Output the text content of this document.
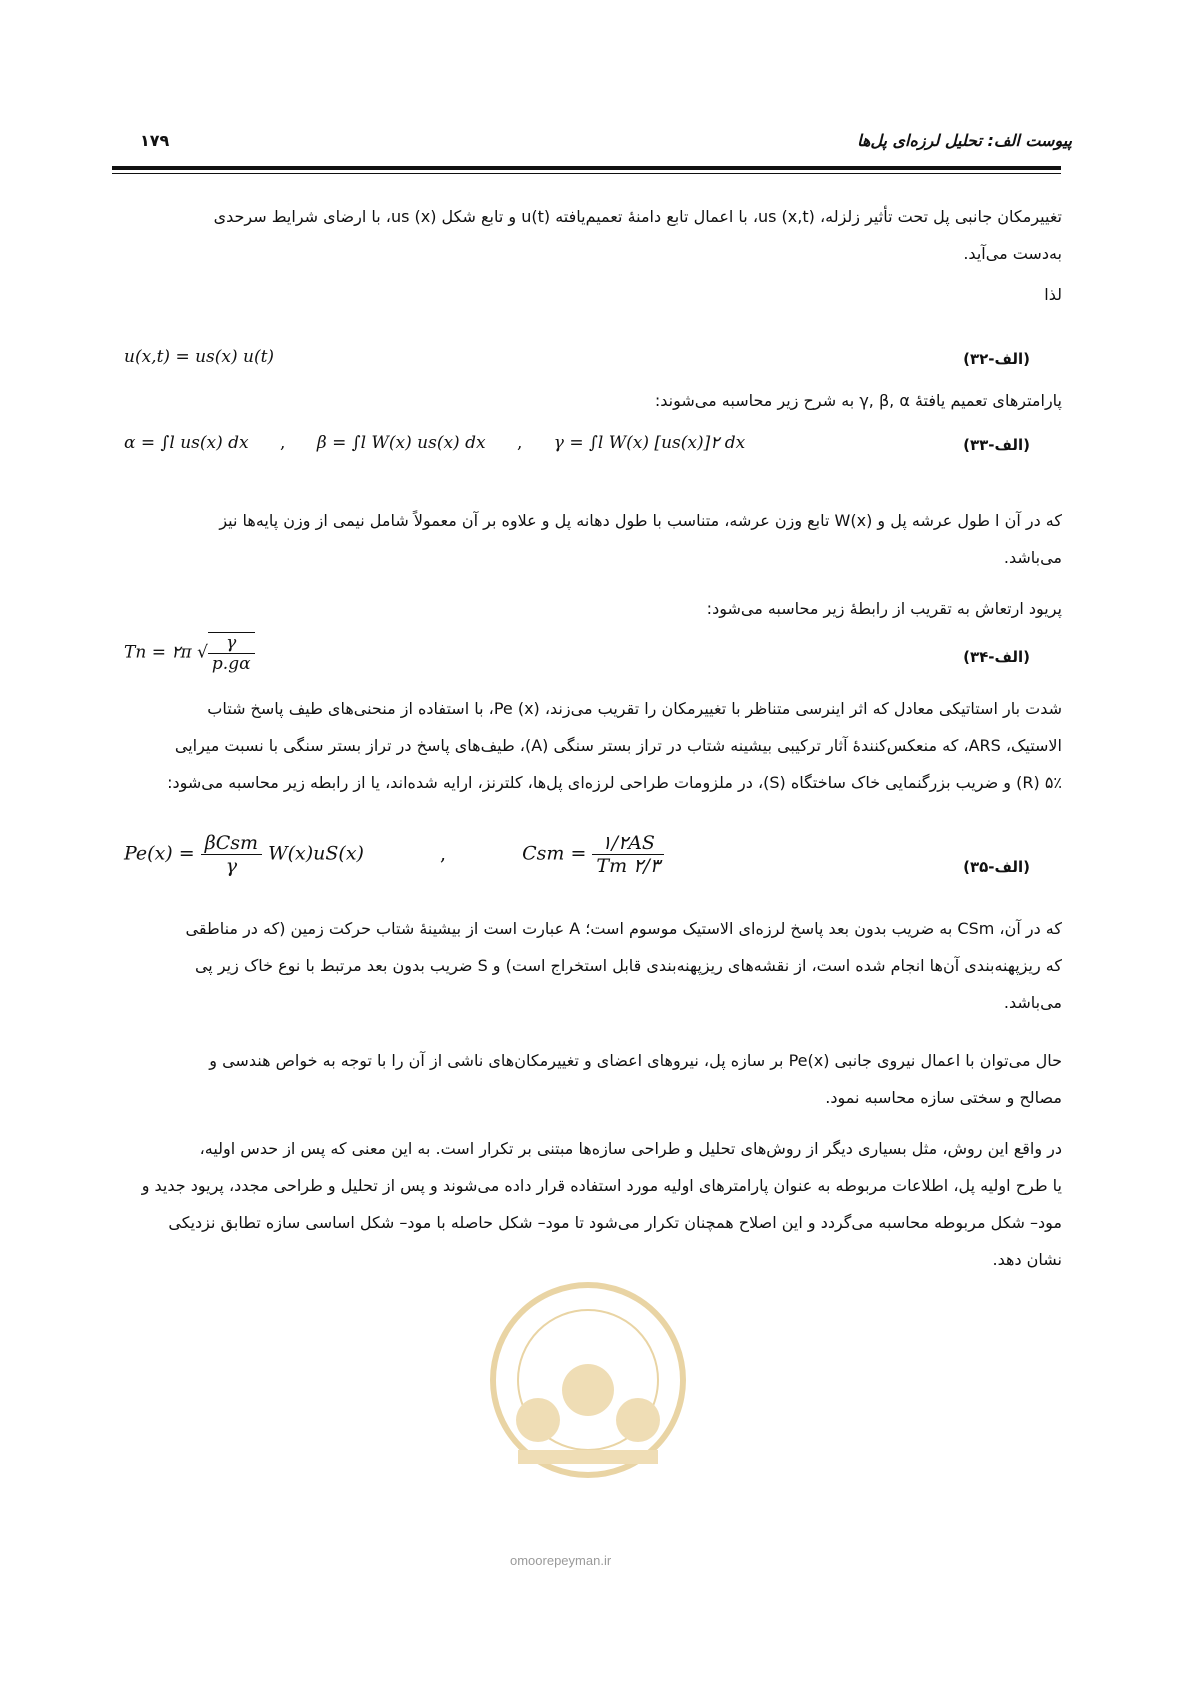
پیوست الف: تحلیل لرزه‌ای پل‌ها
۱۷۹
تغییرمکان جانبی پل تحت تأثیر زلزله، us (x,t)، با اعمال تابع دامنهٔ تعمیم‌یافته u(t) و تابع شکل us (x)، با ارضای شرایط سرحدی
به‌دست می‌آید.
لذا
(الف-۳۲)
u(x,t) = us(x) u(t)
پارامترهای تعمیم یافتهٔ γ, β, α به شرح زیر محاسبه می‌شوند:
(الف-۳۳)
α = ∫l us(x) dx , β = ∫l W(x) us(x) dx , γ = ∫l W(x) [us(x)]۲ dx
که در آن l طول عرشه پل و W(x) تابع وزن عرشه، متناسب با طول دهانه پل و علاوه بر آن معمولاً شامل نیمی از وزن پایه‌ها نیز
می‌باشد.
پریود ارتعاش به تقریب از رابطهٔ زیر محاسبه می‌شود:
(الف-۳۴)
Tn = ۲π √ $\frac{\gamma}{p.g\alpha}$
شدت بار استاتیکی معادل که اثر اینرسی متناظر با تغییرمکان را تقریب می‌زند، Pe (x)، با استفاده از منحنی‌های طیف پاسخ شتاب
الاستیک، ARS، که منعکس‌کنندهٔ آثار ترکیبی بیشینه شتاب در تراز بستر سنگی (A)، طیف‌های پاسخ در تراز بستر سنگی با نسبت میرایی
۵٪ (R) و ضریب بزرگنمایی خاک ساختگاه (S)، در ملزومات طراحی لرزه‌ای پل‌ها، کلترنز، ارایه شده‌اند، یا از رابطه زیر محاسبه می‌شود:
(الف-۳۵)
$Pe(x) = \frac{\text{βCsm}}{\gamma} W(x)uS(x)$	,	Csm = $\frac{۱/۲AS}{Tm ۲/۳}$
که در آن، CSm به ضریب بدون بعد پاسخ لرزه‌ای الاستیک موسوم است؛ A عبارت است از بیشینهٔ شتاب حرکت زمین (که در مناطقی
که ریزپهنه‌بندی آن‌ها انجام شده است، از نقشه‌های ریزپهنه‌بندی قابل استخراج است) و S ضریب بدون بعد مرتبط با نوع خاک زیر پی
می‌باشد.
حال می‌توان با اعمال نیروی جانبی Pe(x) بر سازه پل، نیروهای اعضای و تغییرمکان‌های ناشی از آن را با توجه به خواص هندسی و
مصالح و سختی سازه محاسبه نمود.
در واقع این روش، مثل بسیاری دیگر از روش‌های تحلیل و طراحی سازه‌ها مبتنی بر تکرار است. به این معنی که پس از حدس اولیه،
یا طرح اولیه پل، اطلاعات مربوطه به عنوان پارامترهای اولیه مورد استفاده قرار داده می‌شوند و پس از تحلیل و طراحی مجدد، پریود جدید و
مود– شکل مربوطه محاسبه می‌گردد و این اصلاح همچنان تکرار می‌شود تا مود– شکل حاصله با مود– شکل اساسی سازه تطابق نزدیکی
نشان دهد.
omoorepeyman.ir
